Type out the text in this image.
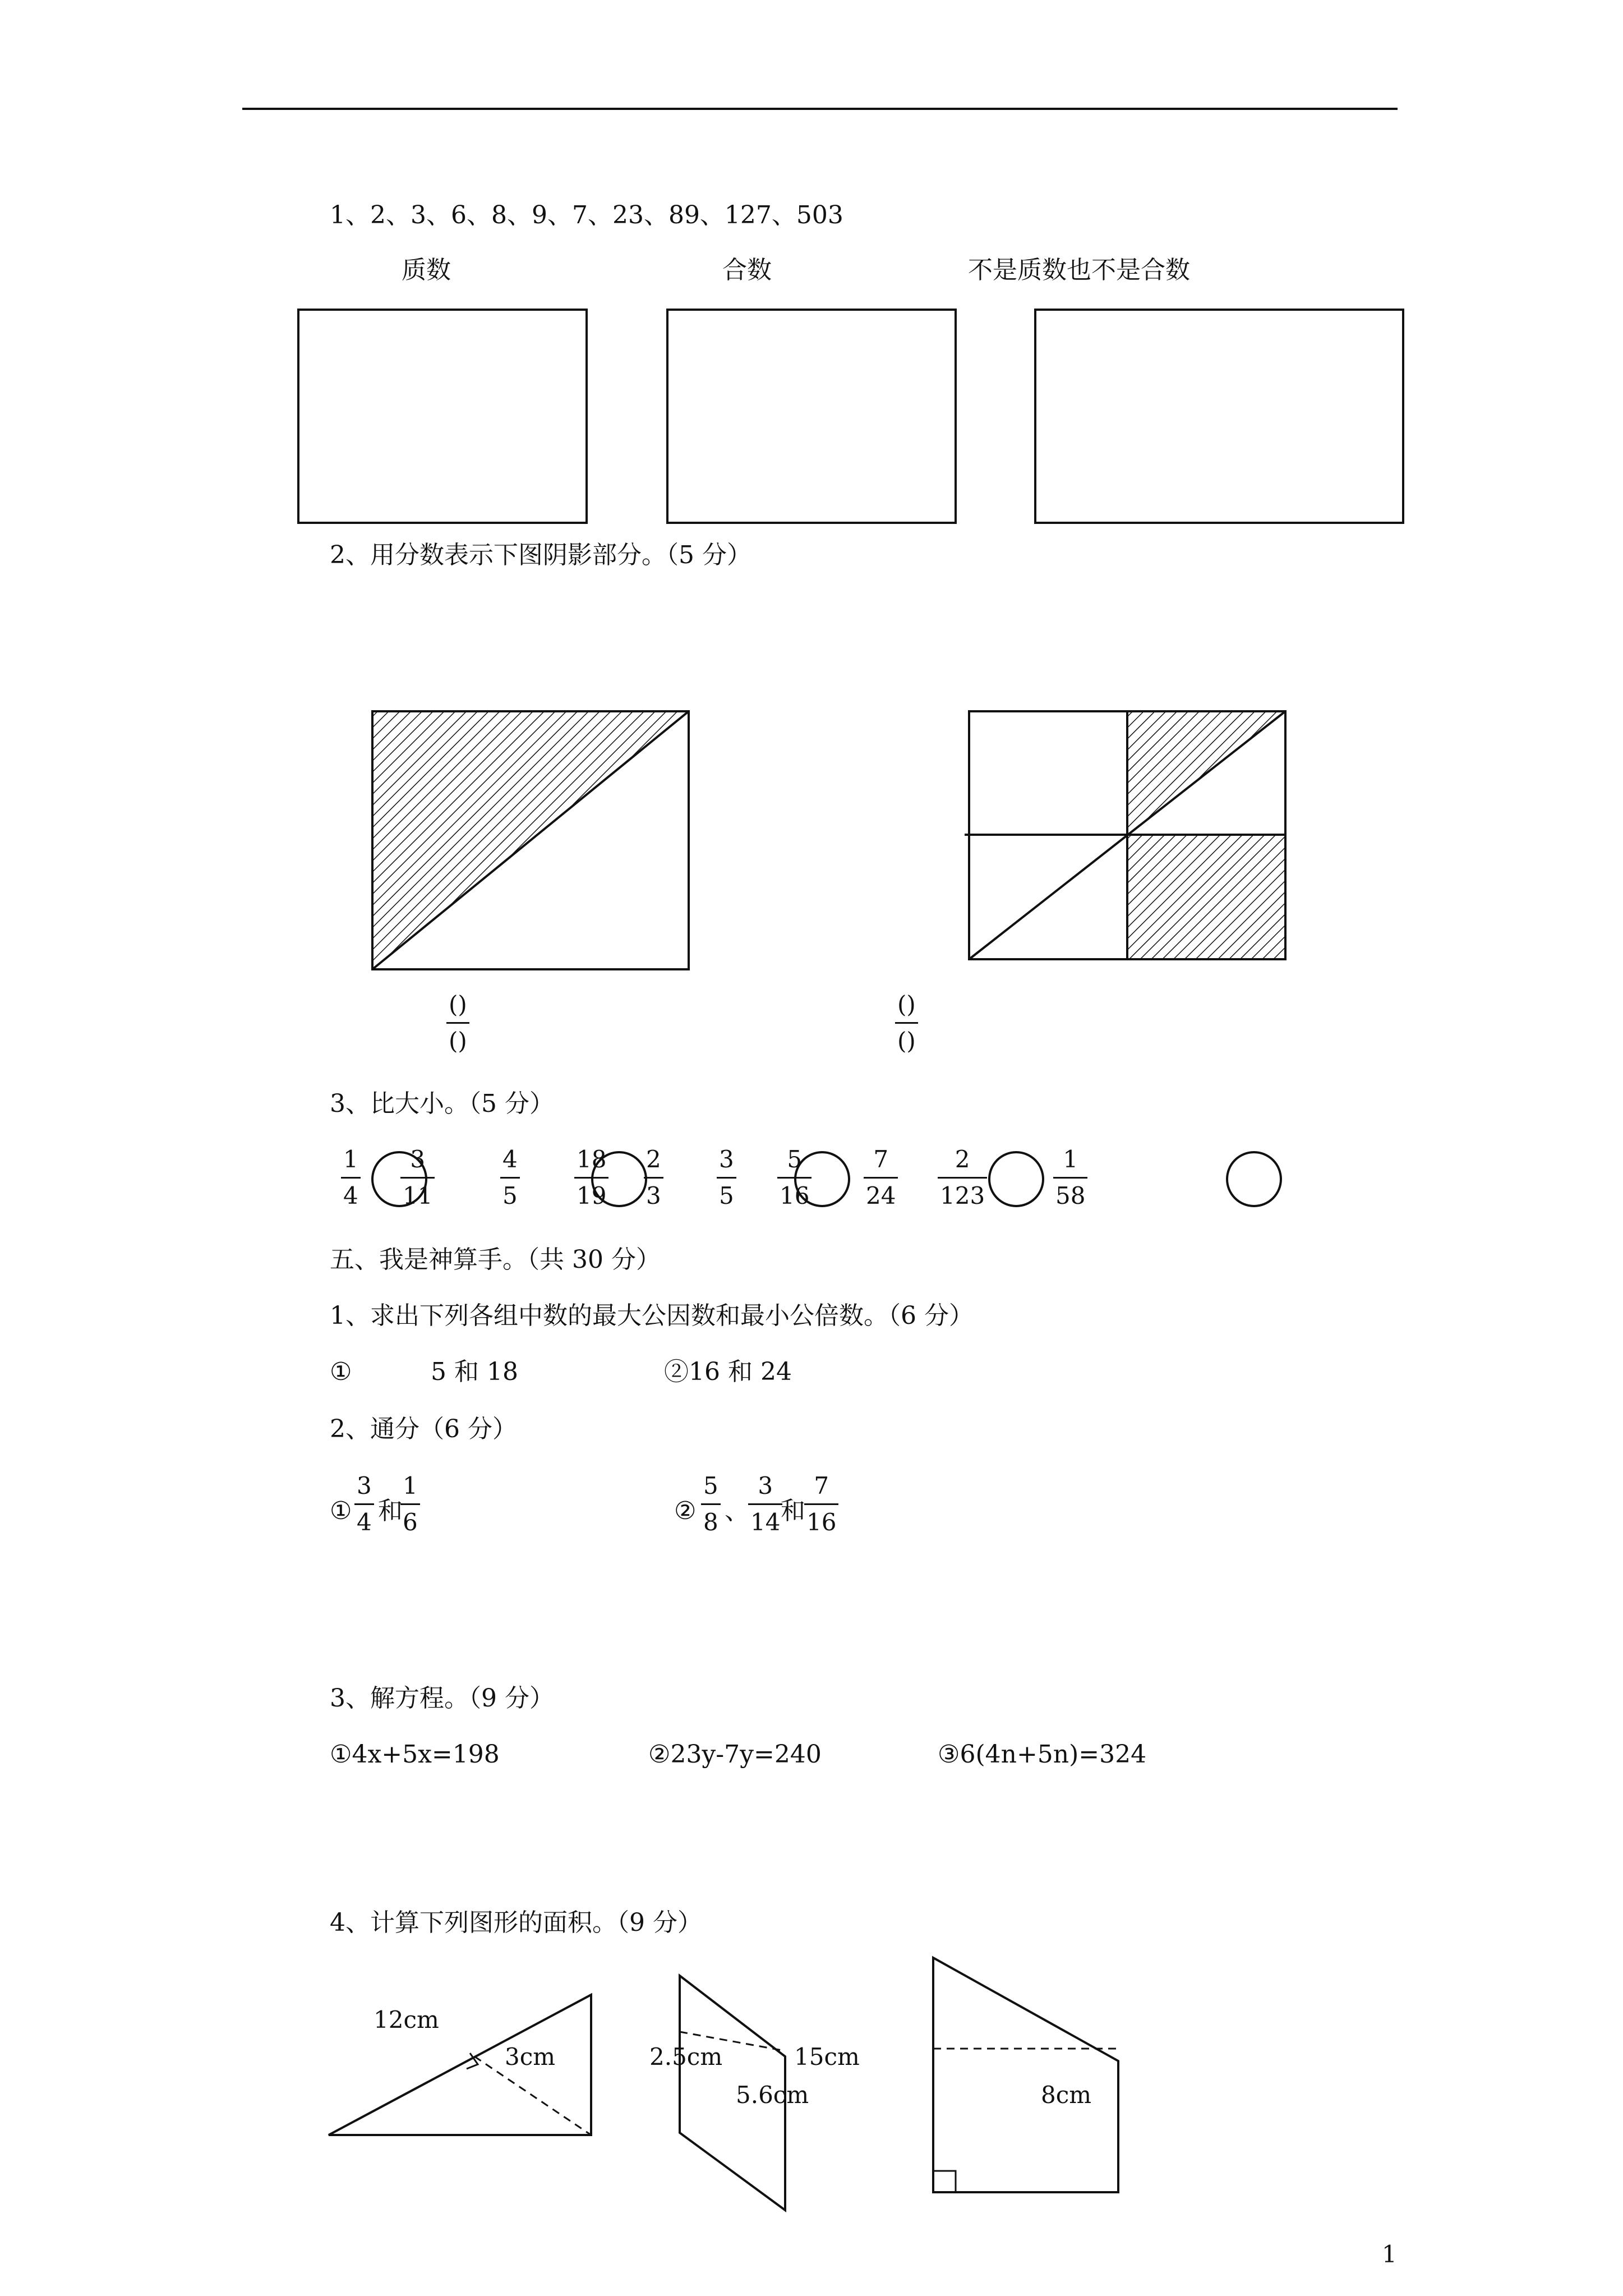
1、2、3、6、8、9、7、23、89、127、503
质数	合数	不是质数也不是合数
2、用分数表示下图阴影部分。（5 分）
()
()
()
()
3、比大小。（5 分）
1
4
3
11
4
5
18
19
2
3
3
5
5
16
7
24
2
123
1
58
五、我是神算手。（共 30 分）
1、求出下列各组中数的最大公因数和最小公倍数。（6 分）
①	5 和 18	②16 和 24
2、通分（6 分）
①
3
4 和
1
6	②
5
8 、
3
14 和
7
16
3、解方程。（9 分）
①4x+5x=198	②23y-7y=240	③6(4n+5n)=324
4、计算下列图形的面积。（9 分）
12cm
3cm	2.5cm	15cm
5.6cm	8cm
1
